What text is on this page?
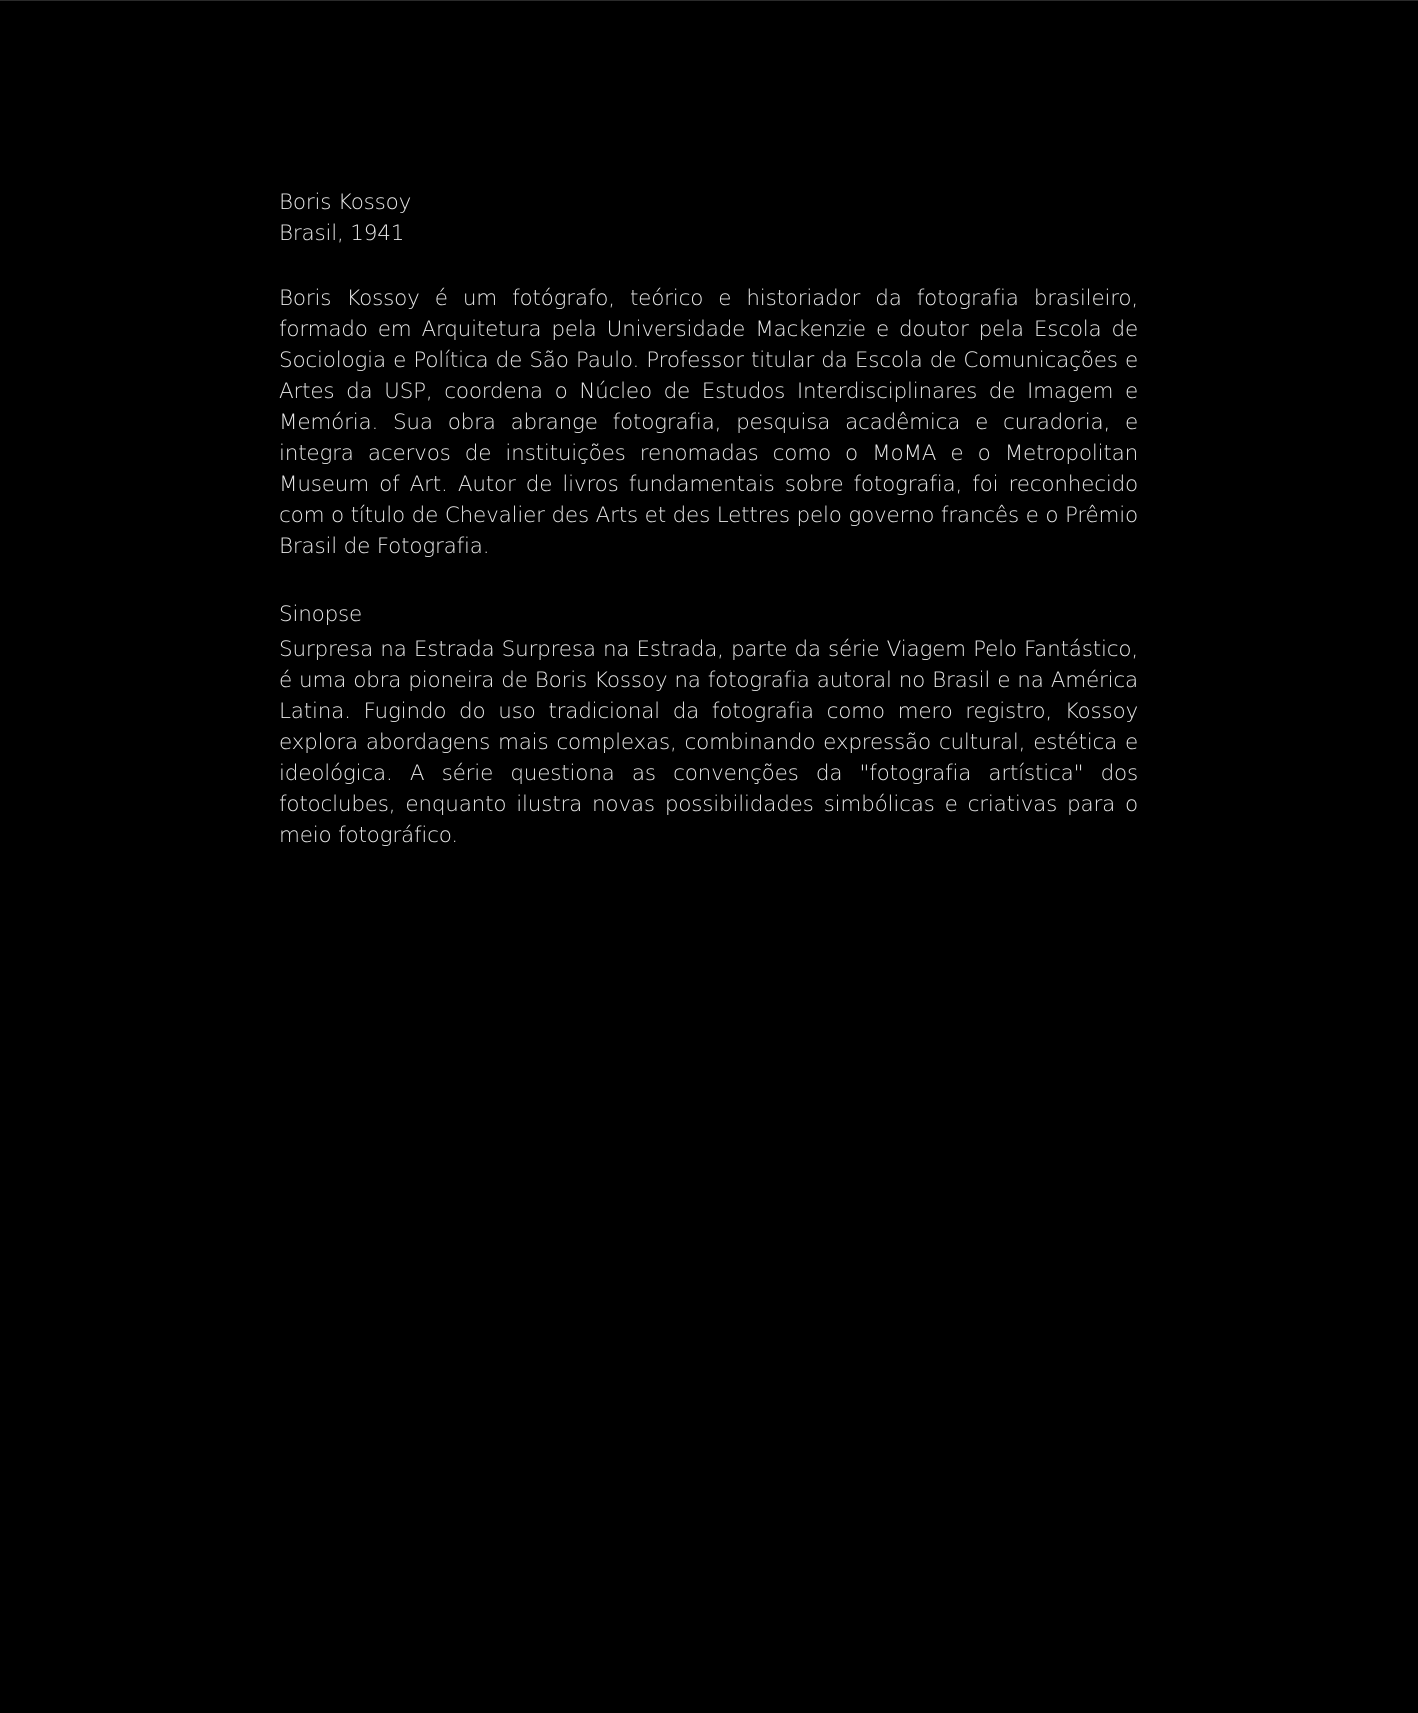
Boris Kossoy
Brasil, 1941

Boris Kossoy é um fotógrafo, teórico e historiador da fotografia brasileiro, formado em Arquitetura pela Universidade Mackenzie e doutor pela Escola de Sociologia e Política de São Paulo. Professor titular da Escola de Comunicações e Artes da USP, coordena o Núcleo de Estudos Interdisciplinares de Imagem e Memória. Sua obra abrange fotografia, pesquisa acadêmica e curadoria, e integra acervos de instituições renomadas como o MoMA e o Metropolitan Museum of Art. Autor de livros fundamentais sobre fotografia, foi reconhecido com o título de Chevalier des Arts et des Lettres pelo governo francês e o Prêmio Brasil de Fotografia.

Sinopse

Surpresa na Estrada Surpresa na Estrada, parte da série Viagem Pelo Fantástico, é uma obra pioneira de Boris Kossoy na fotografia autoral no Brasil e na América Latina. Fugindo do uso tradicional da fotografia como mero registro, Kossoy explora abordagens mais complexas, combinando expressão cultural, estética e ideológica. A série questiona as convenções da "fotografia artística" dos fotoclubes, enquanto ilustra novas possibilidades simbólicas e criativas para o meio fotográfico.
